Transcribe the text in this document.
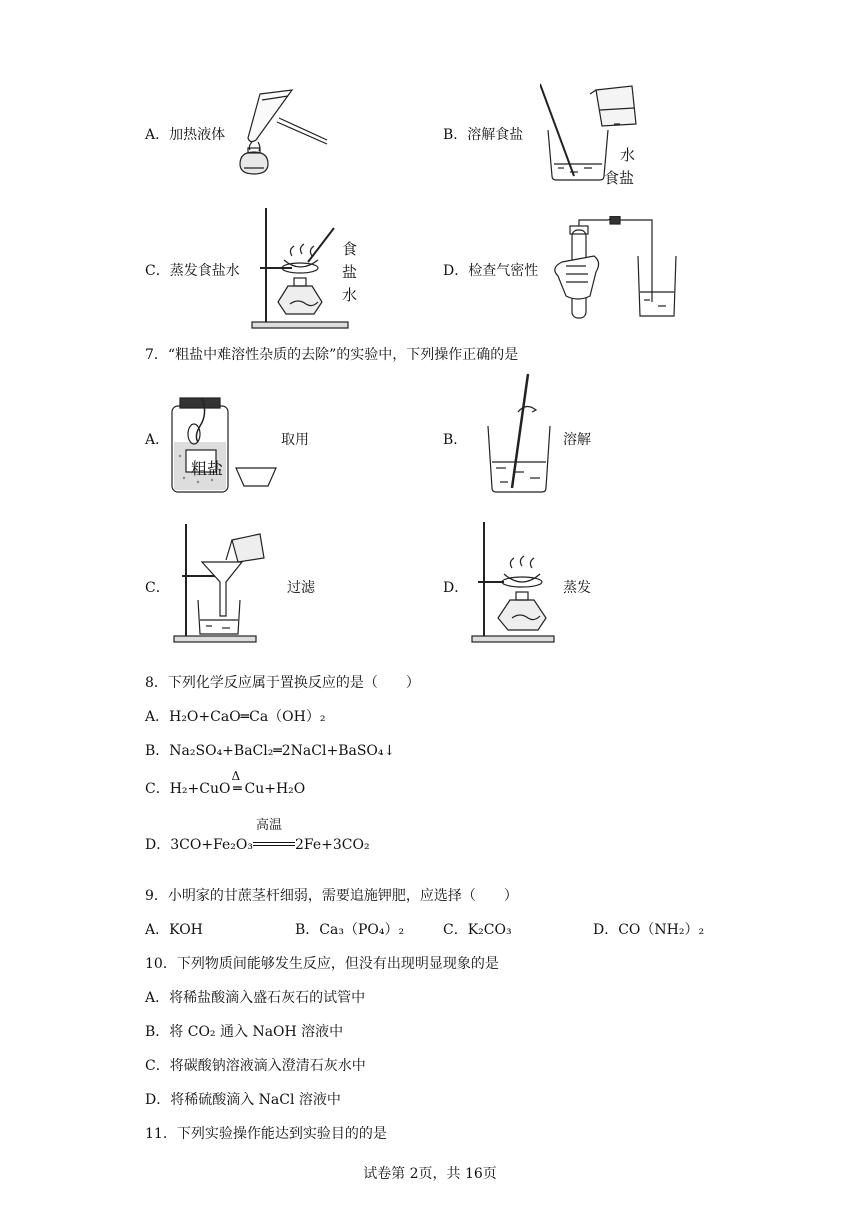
A．加热液体	B．溶解食盐
水
食盐
C．蒸发食盐水
食
盐
水
D．检查气密性
7．“粗盐中难溶性杂质的去除”的实验中，下列操作正确的是
A．
粗盐
取用	B．	溶解
C．	过滤	D．	蒸发
8．下列化学反应属于置换反应的是（　　）
A．H₂O+CaO═Ca（OH）₂
B．Na₂SO₄+BaCl₂═2NaCl+BaSO₄↓
C．H₂+CuO
Δ
═ Cu+H₂O
D．3CO+Fe₂O₃
高温
2Fe+3CO₂
9．小明家的甘蔗茎杆细弱，需要追施钾肥，应选择（　　）
A．KOH	B．Ca₃（PO₄）₂	C．K₂CO₃	D．CO（NH₂）₂
10．下列物质间能够发生反应，但没有出现明显现象的是
A．将稀盐酸滴入盛石灰石的试管中
B．将 CO₂ 通入 NaOH 溶液中
C．将碳酸钠溶液滴入澄清石灰水中
D．将稀硫酸滴入 NaCl 溶液中
11．下列实验操作能达到实验目的的是
试卷第 2页，共 16页
